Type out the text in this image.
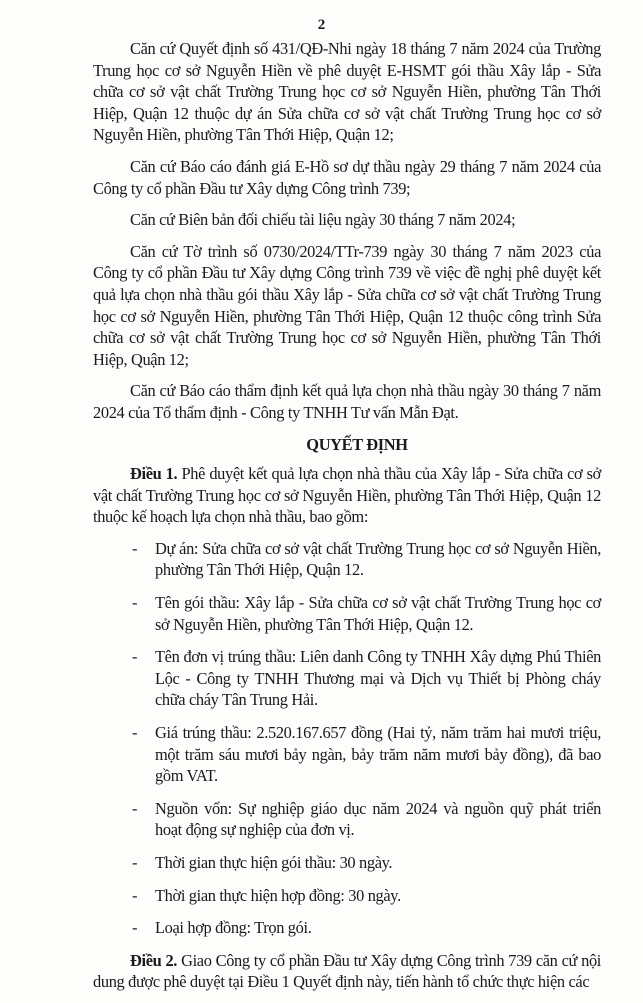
2

Căn cứ Quyết định số 431/QĐ-Nhi ngày 18 tháng 7 năm 2024 của Trường Trung học cơ sở Nguyễn Hiền về phê duyệt E-HSMT gói thầu Xây lắp - Sửa chữa cơ sở vật chất Trường Trung học cơ sở Nguyễn Hiền, phường Tân Thới Hiệp, Quận 12 thuộc dự án Sửa chữa cơ sở vật chất Trường Trung học cơ sở Nguyễn Hiền, phường Tân Thới Hiệp, Quận 12;

Căn cứ Báo cáo đánh giá E-Hồ sơ dự thầu ngày 29 tháng 7 năm 2024 của Công ty cổ phần Đầu tư Xây dựng Công trình 739;

Căn cứ Biên bản đối chiếu tài liệu ngày 30 tháng 7 năm 2024;

Căn cứ Tờ trình số 0730/2024/TTr-739 ngày 30 tháng 7 năm 2023 của Công ty cổ phần Đầu tư Xây dựng Công trình 739 về việc đề nghị phê duyệt kết quả lựa chọn nhà thầu gói thầu Xây lắp - Sửa chữa cơ sở vật chất Trường Trung học cơ sở Nguyễn Hiền, phường Tân Thới Hiệp, Quận 12 thuộc công trình Sửa chữa cơ sở vật chất Trường Trung học cơ sở Nguyễn Hiền, phường Tân Thới Hiệp, Quận 12;

Căn cứ Báo cáo thẩm định kết quả lựa chọn nhà thầu ngày 30 tháng 7 năm 2024 của Tổ thẩm định - Công ty TNHH Tư vấn Mẫn Đạt.

QUYẾT ĐỊNH

Điều 1. Phê duyệt kết quả lựa chọn nhà thầu của Xây lắp - Sửa chữa cơ sở vật chất Trường Trung học cơ sở Nguyễn Hiền, phường Tân Thới Hiệp, Quận 12 thuộc kế hoạch lựa chọn nhà thầu, bao gồm:

- Dự án: Sửa chữa cơ sở vật chất Trường Trung học cơ sở Nguyễn Hiền, phường Tân Thới Hiệp, Quận 12.
- Tên gói thầu: Xây lắp - Sửa chữa cơ sở vật chất Trường Trung học cơ sở Nguyễn Hiền, phường Tân Thới Hiệp, Quận 12.
- Tên đơn vị trúng thầu: Liên danh Công ty TNHH Xây dựng Phú Thiên Lộc - Công ty TNHH Thương mại và Dịch vụ Thiết bị Phòng cháy chữa cháy Tân Trung Hải.
- Giá trúng thầu: 2.520.167.657 đồng (Hai tỷ, năm trăm hai mươi triệu, một trăm sáu mươi bảy ngàn, bảy trăm năm mươi bảy đồng), đã bao gồm VAT.
- Nguồn vốn: Sự nghiệp giáo dục năm 2024 và nguồn quỹ phát triển hoạt động sự nghiệp của đơn vị.
- Thời gian thực hiện gói thầu: 30 ngày.
- Thời gian thực hiện hợp đồng: 30 ngày.
- Loại hợp đồng: Trọn gói.

Điều 2. Giao Công ty cổ phần Đầu tư Xây dựng Công trình 739 căn cứ nội dung được phê duyệt tại Điều 1 Quyết định này, tiến hành tổ chức thực hiện các
